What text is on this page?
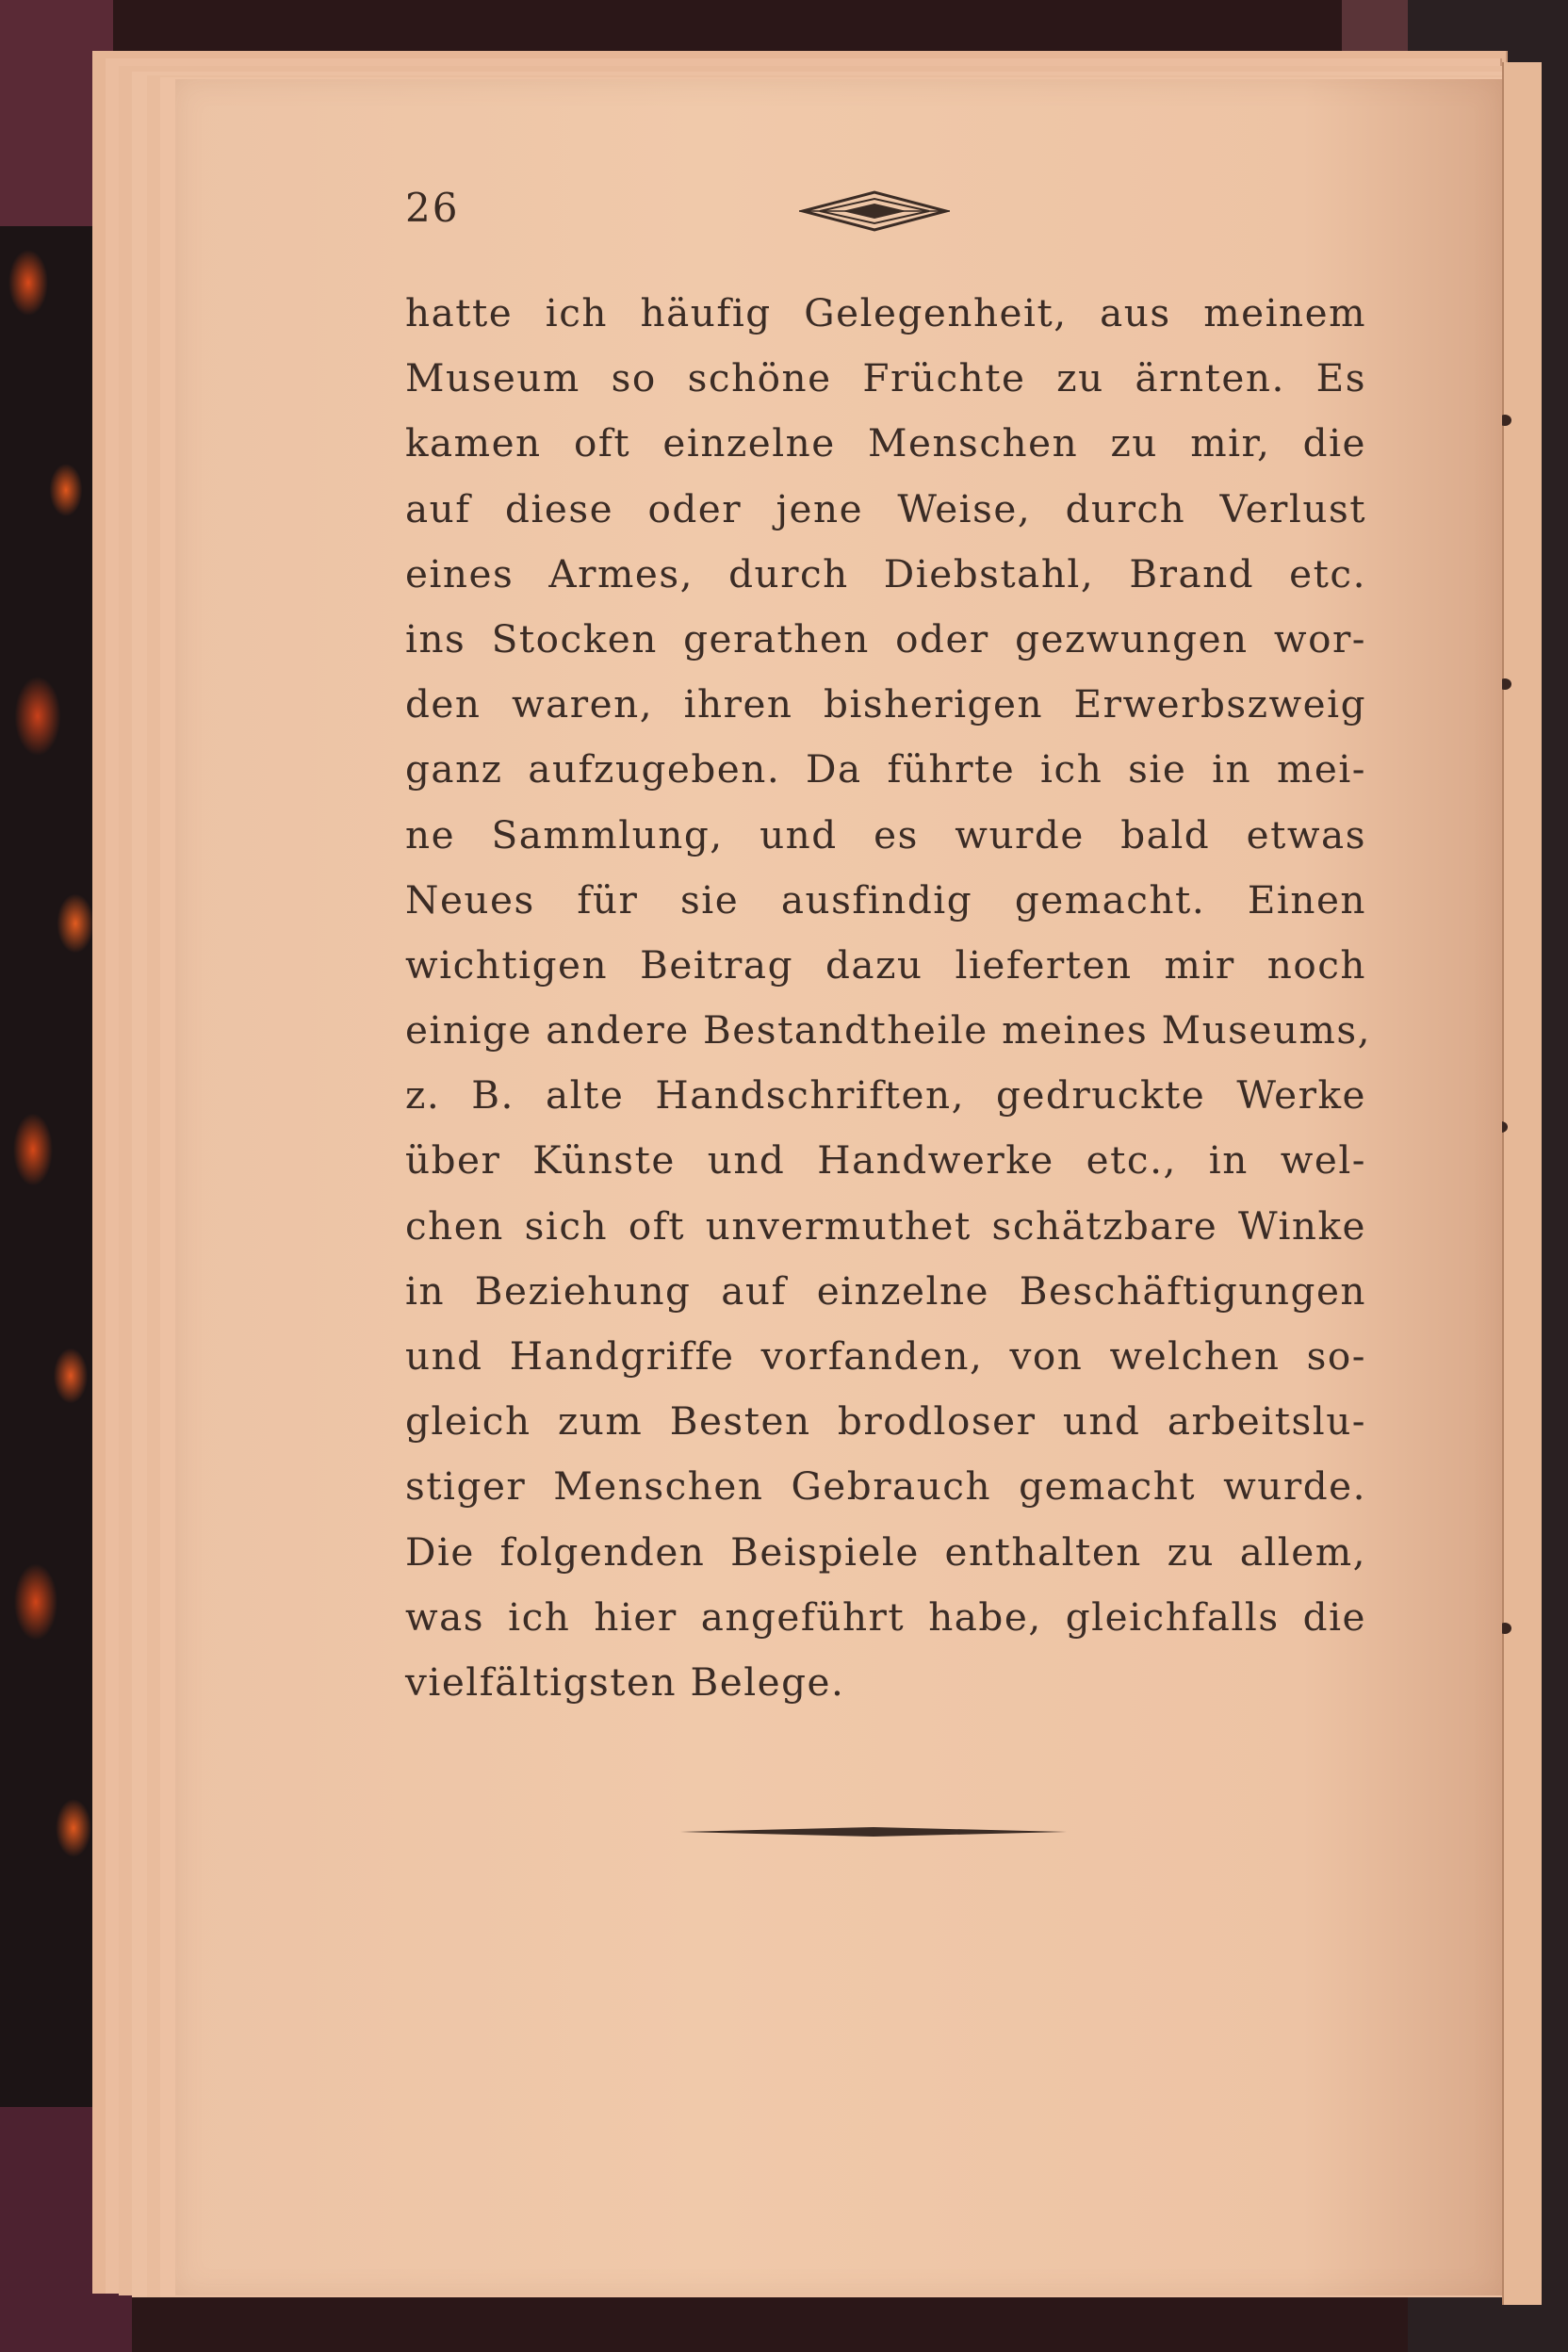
26
hatte ich häufig Gelegenheit, aus meinem
Museum so schöne Früchte zu ärnten. Es
kamen oft einzelne Menschen zu mir, die
auf diese oder jene Weise, durch Verlust
eines Armes, durch Diebstahl, Brand etc.
ins Stocken gerathen oder gezwungen wor-
den waren, ihren bisherigen Erwerbszweig
ganz aufzugeben. Da führte ich sie in mei-
ne Sammlung, und es wurde bald etwas
Neues für sie ausfindig gemacht. Einen
wichtigen Beitrag dazu lieferten mir noch
einige andere Bestandtheile meines Museums,
z. B. alte Handschriften, gedruckte Werke
über Künste und Handwerke etc., in wel-
chen sich oft unvermuthet schätzbare Winke
in Beziehung auf einzelne Beschäftigungen
und Handgriffe vorfanden, von welchen so-
gleich zum Besten brodloser und arbeitslu-
stiger Menschen Gebrauch gemacht wurde.
Die folgenden Beispiele enthalten zu allem,
was ich hier angeführt habe, gleichfalls die
vielfältigsten Belege.
